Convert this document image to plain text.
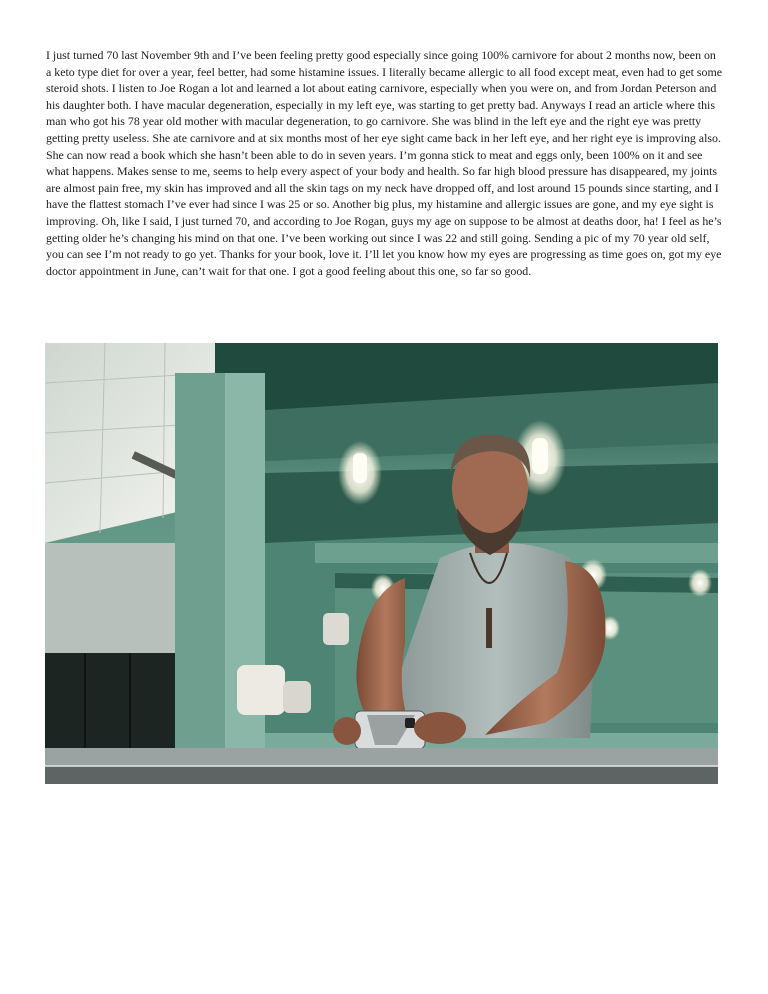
I just turned 70 last November 9th and I’ve been feeling pretty good especially since going 100% carnivore for about 2 months now, been on a keto type diet for over a year, feel better, had some histamine issues. I literally became allergic to all food except meat, even had to get some steroid shots. I listen to Joe Rogan a lot and learned a lot about eating carnivore, especially when you were on, and from Jordan Peterson and his daughter both. I have macular degeneration, especially in my left eye, was starting to get pretty bad. Anyways I read an article where this man who got his 78 year old mother with macular degeneration, to go carnivore. She was blind in the left eye and the right eye was pretty getting pretty useless. She ate carnivore and at six months most of her eye sight came back in her left eye, and her right eye is improving also. She can now read a book which she hasn’t been able to do in seven years. I’m gonna stick to meat and eggs only, been 100% on it and see what happens. Makes sense to me, seems to help every aspect of your body and health. So far high blood pressure has disappeared, my joints are almost pain free, my skin has improved and all the skin tags on my neck have dropped off, and lost around 15 pounds since starting, and I have the flattest stomach I’ve ever had since I was 25 or so. Another big plus, my histamine and allergic issues are gone, and my eye sight is improving. Oh, like I said, I just turned 70, and according to Joe Rogan, guys my age on suppose to be almost at deaths door, ha! I feel as he’s getting older he’s changing his mind on that one. I’ve been working out since I was 22 and still going. Sending a pic of my 70 year old self, you can see I’m not ready to go yet. Thanks for your book, love it. I’ll let you know how my eyes are progressing as time goes on, got my eye doctor appointment in June, can’t wait for that one. I got a good feeling about this one, so far so good.
